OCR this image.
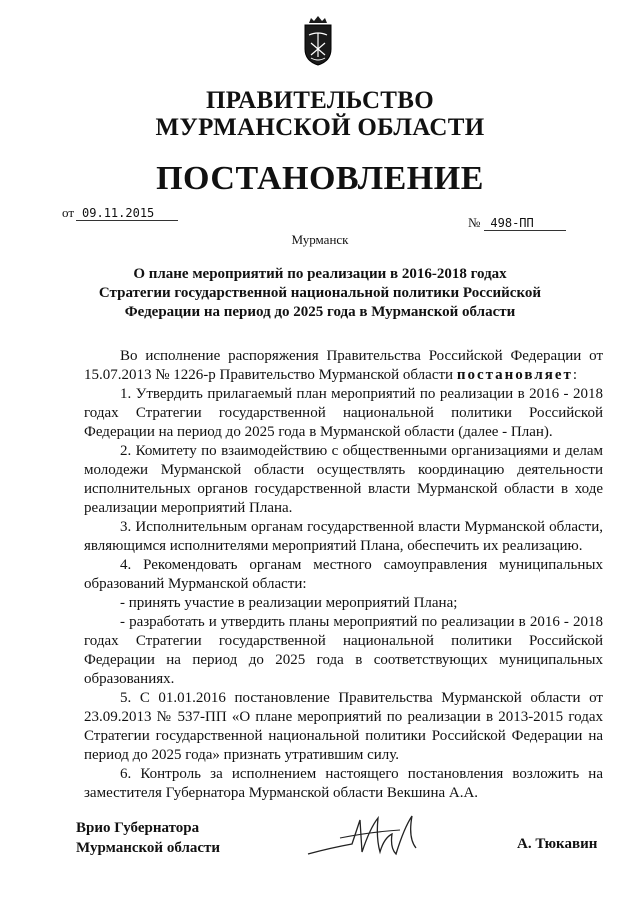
ПРАВИТЕЛЬСТВО
МУРМАНСКОЙ ОБЛАСТИ
ПОСТАНОВЛЕНИЕ
от 09.11.2015
№ 498-ПП
Мурманск
О плане мероприятий по реализации в 2016-2018 годах
Стратегии государственной национальной политики Российской
Федерации на период до 2025 года в Мурманской области

Во исполнение распоряжения Правительства Российской Федерации от 15.07.2013 № 1226-р Правительство Мурманской области постановляет:

1. Утвердить прилагаемый план мероприятий по реализации в 2016 - 2018 годах Стратегии государственной национальной политики Российской Федерации на период до 2025 года в Мурманской области (далее - План).

2. Комитету по взаимодействию с общественными организациями и делам молодежи Мурманской области осуществлять координацию деятельности исполнительных органов государственной власти Мурманской области в ходе реализации мероприятий Плана.

3. Исполнительным органам государственной власти Мурманской области, являющимся исполнителями мероприятий Плана, обеспечить их реализацию.

4. Рекомендовать органам местного самоуправления муниципальных образований Мурманской области:

- принять участие в реализации мероприятий Плана;

- разработать и утвердить планы мероприятий по реализации в 2016 - 2018 годах Стратегии государственной национальной политики Российской Федерации на период до 2025 года в соответствующих муниципальных образованиях.

5. С 01.01.2016 постановление Правительства Мурманской области от 23.09.2013 № 537-ПП «О плане мероприятий по реализации в 2013-2015 годах Стратегии государственной национальной политики Российской Федерации на период до 2025 года» признать утратившим силу.

6. Контроль за исполнением настоящего постановления возложить на заместителя Губернатора Мурманской области Векшина А.А.

Врио Губернатора
Мурманской области	А. Тюкавин
